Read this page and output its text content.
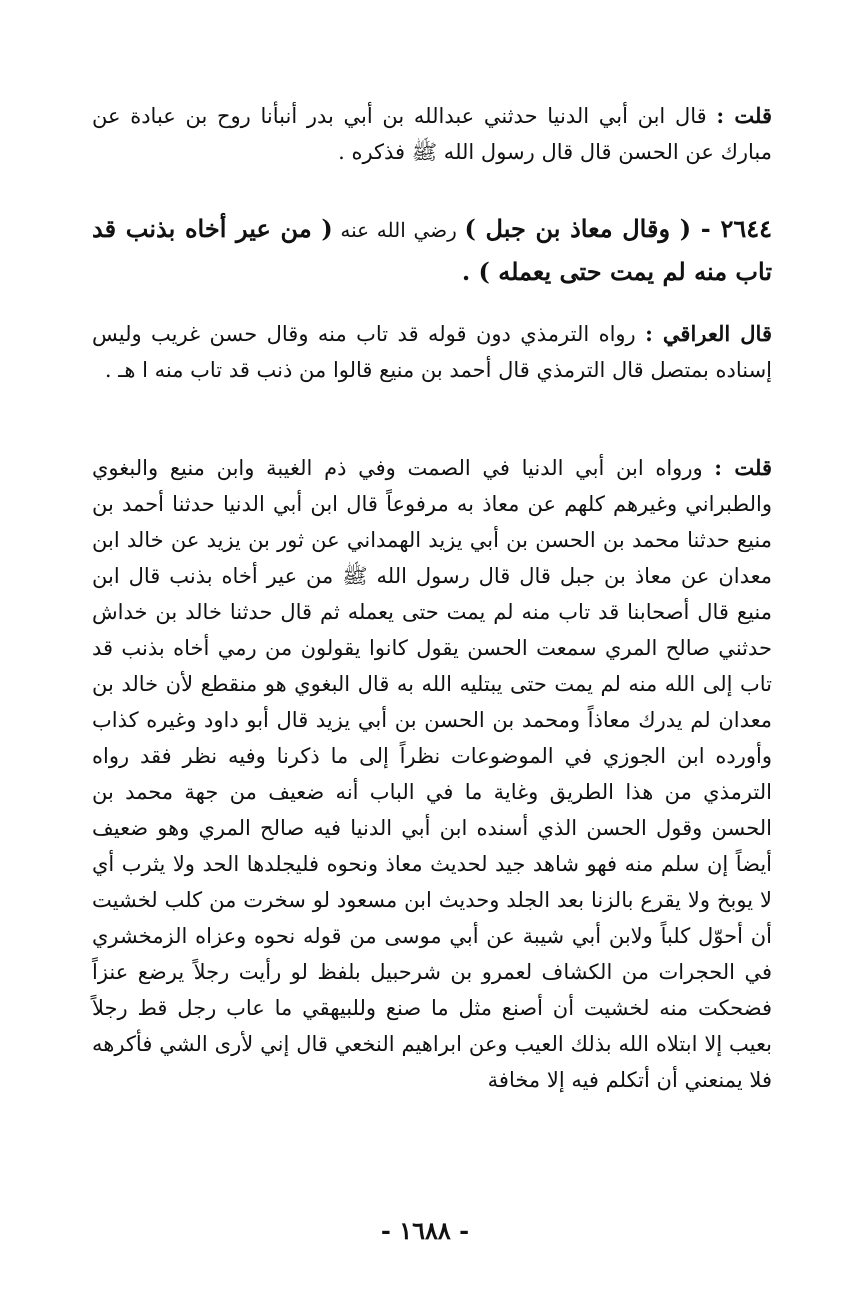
قلت : قال ابن أبي الدنيا حدثني عبدالله بن أبي بدر أنبأنا روح بن عبادة عن مبارك عن الحسن قال قال رسول الله ﷺ فذكره .

٢٦٤٤ - ( وقال معاذ بن جبل ) رضي الله عنه ( من عير أخاه بذنب قد تاب منه لم يمت حتى يعمله ) .

قال العراقي : رواه الترمذي دون قوله قد تاب منه وقال حسن غريب وليس إسناده بمتصل قال الترمذي قال أحمد بن منيع قالوا من ذنب قد تاب منه ا هـ .

قلت : ورواه ابن أبي الدنيا في الصمت وفي ذم الغيبة وابن منيع والبغوي والطبراني وغيرهم كلهم عن معاذ به مرفوعاً قال ابن أبي الدنيا حدثنا أحمد بن منيع حدثنا محمد بن الحسن بن أبي يزيد الهمداني عن ثور بن يزيد عن خالد ابن معدان عن معاذ بن جبل قال قال رسول الله ﷺ من عير أخاه بذنب قال ابن منيع قال أصحابنا قد تاب منه لم يمت حتى يعمله ثم قال حدثنا خالد بن خداش حدثني صالح المري سمعت الحسن يقول كانوا يقولون من رمي أخاه بذنب قد تاب إلى الله منه لم يمت حتى يبتليه الله به قال البغوي هو منقطع لأن خالد بن معدان لم يدرك معاذاً ومحمد بن الحسن بن أبي يزيد قال أبو داود وغيره كذاب وأورده ابن الجوزي في الموضوعات نظراً إلى ما ذكرنا وفيه نظر فقد رواه الترمذي من هذا الطريق وغاية ما في الباب أنه ضعيف من جهة محمد بن الحسن وقول الحسن الذي أسنده ابن أبي الدنيا فيه صالح المري وهو ضعيف أيضاً إن سلم منه فهو شاهد جيد لحديث معاذ ونحوه فليجلدها الحد ولا يثرب أي لا يوبخ ولا يقرع بالزنا بعد الجلد وحديث ابن مسعود لو سخرت من كلب لخشيت أن أحوّل كلباً ولابن أبي شيبة عن أبي موسى من قوله نحوه وعزاه الزمخشري في الحجرات من الكشاف لعمرو بن شرحبيل بلفظ لو رأيت رجلاً يرضع عنزاً فضحكت منه لخشيت أن أصنع مثل ما صنع وللبيهقي ما عاب رجل قط رجلاً بعيب إلا ابتلاه الله بذلك العيب وعن ابراهيم النخعي قال إني لأرى الشي فأكرهه فلا يمنعني أن أتكلم فيه إلا مخافة

- ١٦٨٨ -
